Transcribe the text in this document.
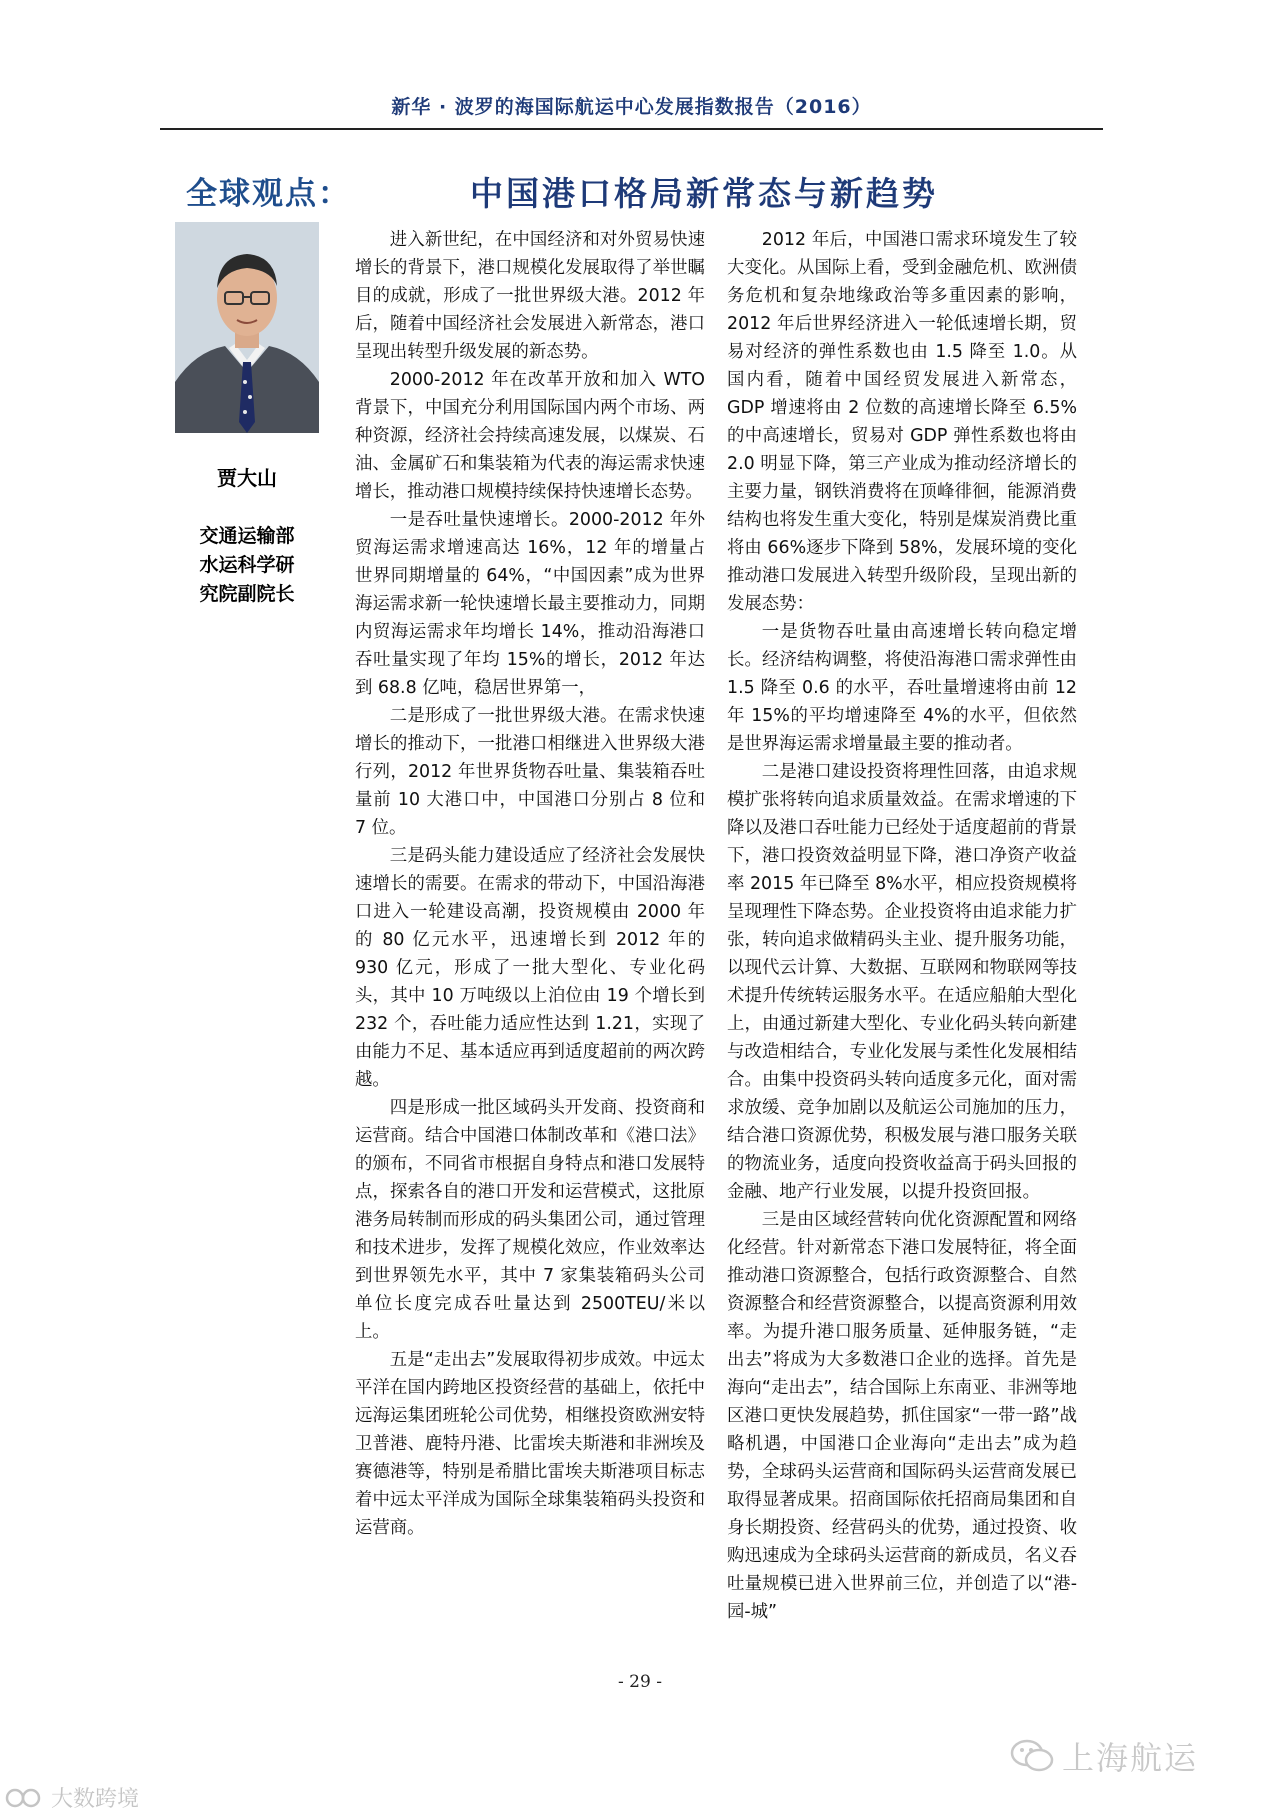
新华 · 波罗的海国际航运中心发展指数报告（2016）
全球观点：	中国港口格局新常态与新趋势
贾大山
交通运输部
水运科学研
究院副院长

进入新世纪，在中国经济和对外贸易快速增长的背景下，港口规模化发展取得了举世瞩目的成就，形成了一批世界级大港。2012 年后，随着中国经济社会发展进入新常态，港口呈现出转型升级发展的新态势。

2000-2012 年在改革开放和加入 WTO 背景下，中国充分利用国际国内两个市场、两种资源，经济社会持续高速发展，以煤炭、石油、金属矿石和集装箱为代表的海运需求快速增长，推动港口规模持续保持快速增长态势。

一是吞吐量快速增长。2000-2012 年外贸海运需求增速高达 16%，12 年的增量占世界同期增量的 64%，“中国因素”成为世界海运需求新一轮快速增长最主要推动力，同期内贸海运需求年均增长 14%，推动沿海港口吞吐量实现了年均 15%的增长，2012 年达到 68.8 亿吨，稳居世界第一，

二是形成了一批世界级大港。在需求快速增长的推动下，一批港口相继进入世界级大港行列，2012 年世界货物吞吐量、集装箱吞吐量前 10 大港口中，中国港口分别占 8 位和 7 位。

三是码头能力建设适应了经济社会发展快速增长的需要。在需求的带动下，中国沿海港口进入一轮建设高潮，投资规模由 2000 年的 80 亿元水平，迅速增长到 2012 年的 930 亿元，形成了一批大型化、专业化码头，其中 10 万吨级以上泊位由 19 个增长到 232 个，吞吐能力适应性达到 1.21，实现了由能力不足、基本适应再到适度超前的两次跨越。

四是形成一批区域码头开发商、投资商和运营商。结合中国港口体制改革和《港口法》的颁布，不同省市根据自身特点和港口发展特点，探索各自的港口开发和运营模式，这批原港务局转制而形成的码头集团公司，通过管理和技术进步，发挥了规模化效应，作业效率达到世界领先水平，其中 7 家集装箱码头公司单位长度完成吞吐量达到 2500TEU/米以上。

五是“走出去”发展取得初步成效。中远太平洋在国内跨地区投资经营的基础上，依托中远海运集团班轮公司优势，相继投资欧洲安特卫普港、鹿特丹港、比雷埃夫斯港和非洲埃及赛德港等，特别是希腊比雷埃夫斯港项目标志着中远太平洋成为国际全球集装箱码头投资和运营商。

2012 年后，中国港口需求环境发生了较大变化。从国际上看，受到金融危机、欧洲债务危机和复杂地缘政治等多重因素的影响，2012 年后世界经济进入一轮低速增长期，贸易对经济的弹性系数也由 1.5 降至 1.0。从国内看，随着中国经贸发展进入新常态，GDP 增速将由 2 位数的高速增长降至 6.5%的中高速增长，贸易对 GDP 弹性系数也将由 2.0 明显下降，第三产业成为推动经济增长的主要力量，钢铁消费将在顶峰徘徊，能源消费结构也将发生重大变化，特别是煤炭消费比重将由 66%逐步下降到 58%，发展环境的变化推动港口发展进入转型升级阶段，呈现出新的发展态势：

一是货物吞吐量由高速增长转向稳定增长。经济结构调整，将使沿海港口需求弹性由 1.5 降至 0.6 的水平，吞吐量增速将由前 12 年 15%的平均增速降至 4%的水平，但依然是世界海运需求增量最主要的推动者。

二是港口建设投资将理性回落，由追求规模扩张将转向追求质量效益。在需求增速的下降以及港口吞吐能力已经处于适度超前的背景下，港口投资效益明显下降，港口净资产收益率 2015 年已降至 8%水平，相应投资规模将呈现理性下降态势。企业投资将由追求能力扩张，转向追求做精码头主业、提升服务功能，以现代云计算、大数据、互联网和物联网等技术提升传统转运服务水平。在适应船舶大型化上，由通过新建大型化、专业化码头转向新建与改造相结合，专业化发展与柔性化发展相结合。由集中投资码头转向适度多元化，面对需求放缓、竞争加剧以及航运公司施加的压力，结合港口资源优势，积极发展与港口服务关联的物流业务，适度向投资收益高于码头回报的金融、地产行业发展，以提升投资回报。

三是由区域经营转向优化资源配置和网络化经营。针对新常态下港口发展特征，将全面推动港口资源整合，包括行政资源整合、自然资源整合和经营资源整合，以提高资源利用效率。为提升港口服务质量、延伸服务链，“走出去”将成为大多数港口企业的选择。首先是海向“走出去”，结合国际上东南亚、非洲等地区港口更快发展趋势，抓住国家“一带一路”战略机遇，中国港口企业海向“走出去”成为趋势，全球码头运营商和国际码头运营商发展已取得显著成果。招商国际依托招商局集团和自身长期投资、经营码头的优势，通过投资、收购迅速成为全球码头运营商的新成员，名义吞吐量规模已进入世界前三位，并创造了以“港-园-城”

- 29 -
上海航运
大数跨境
